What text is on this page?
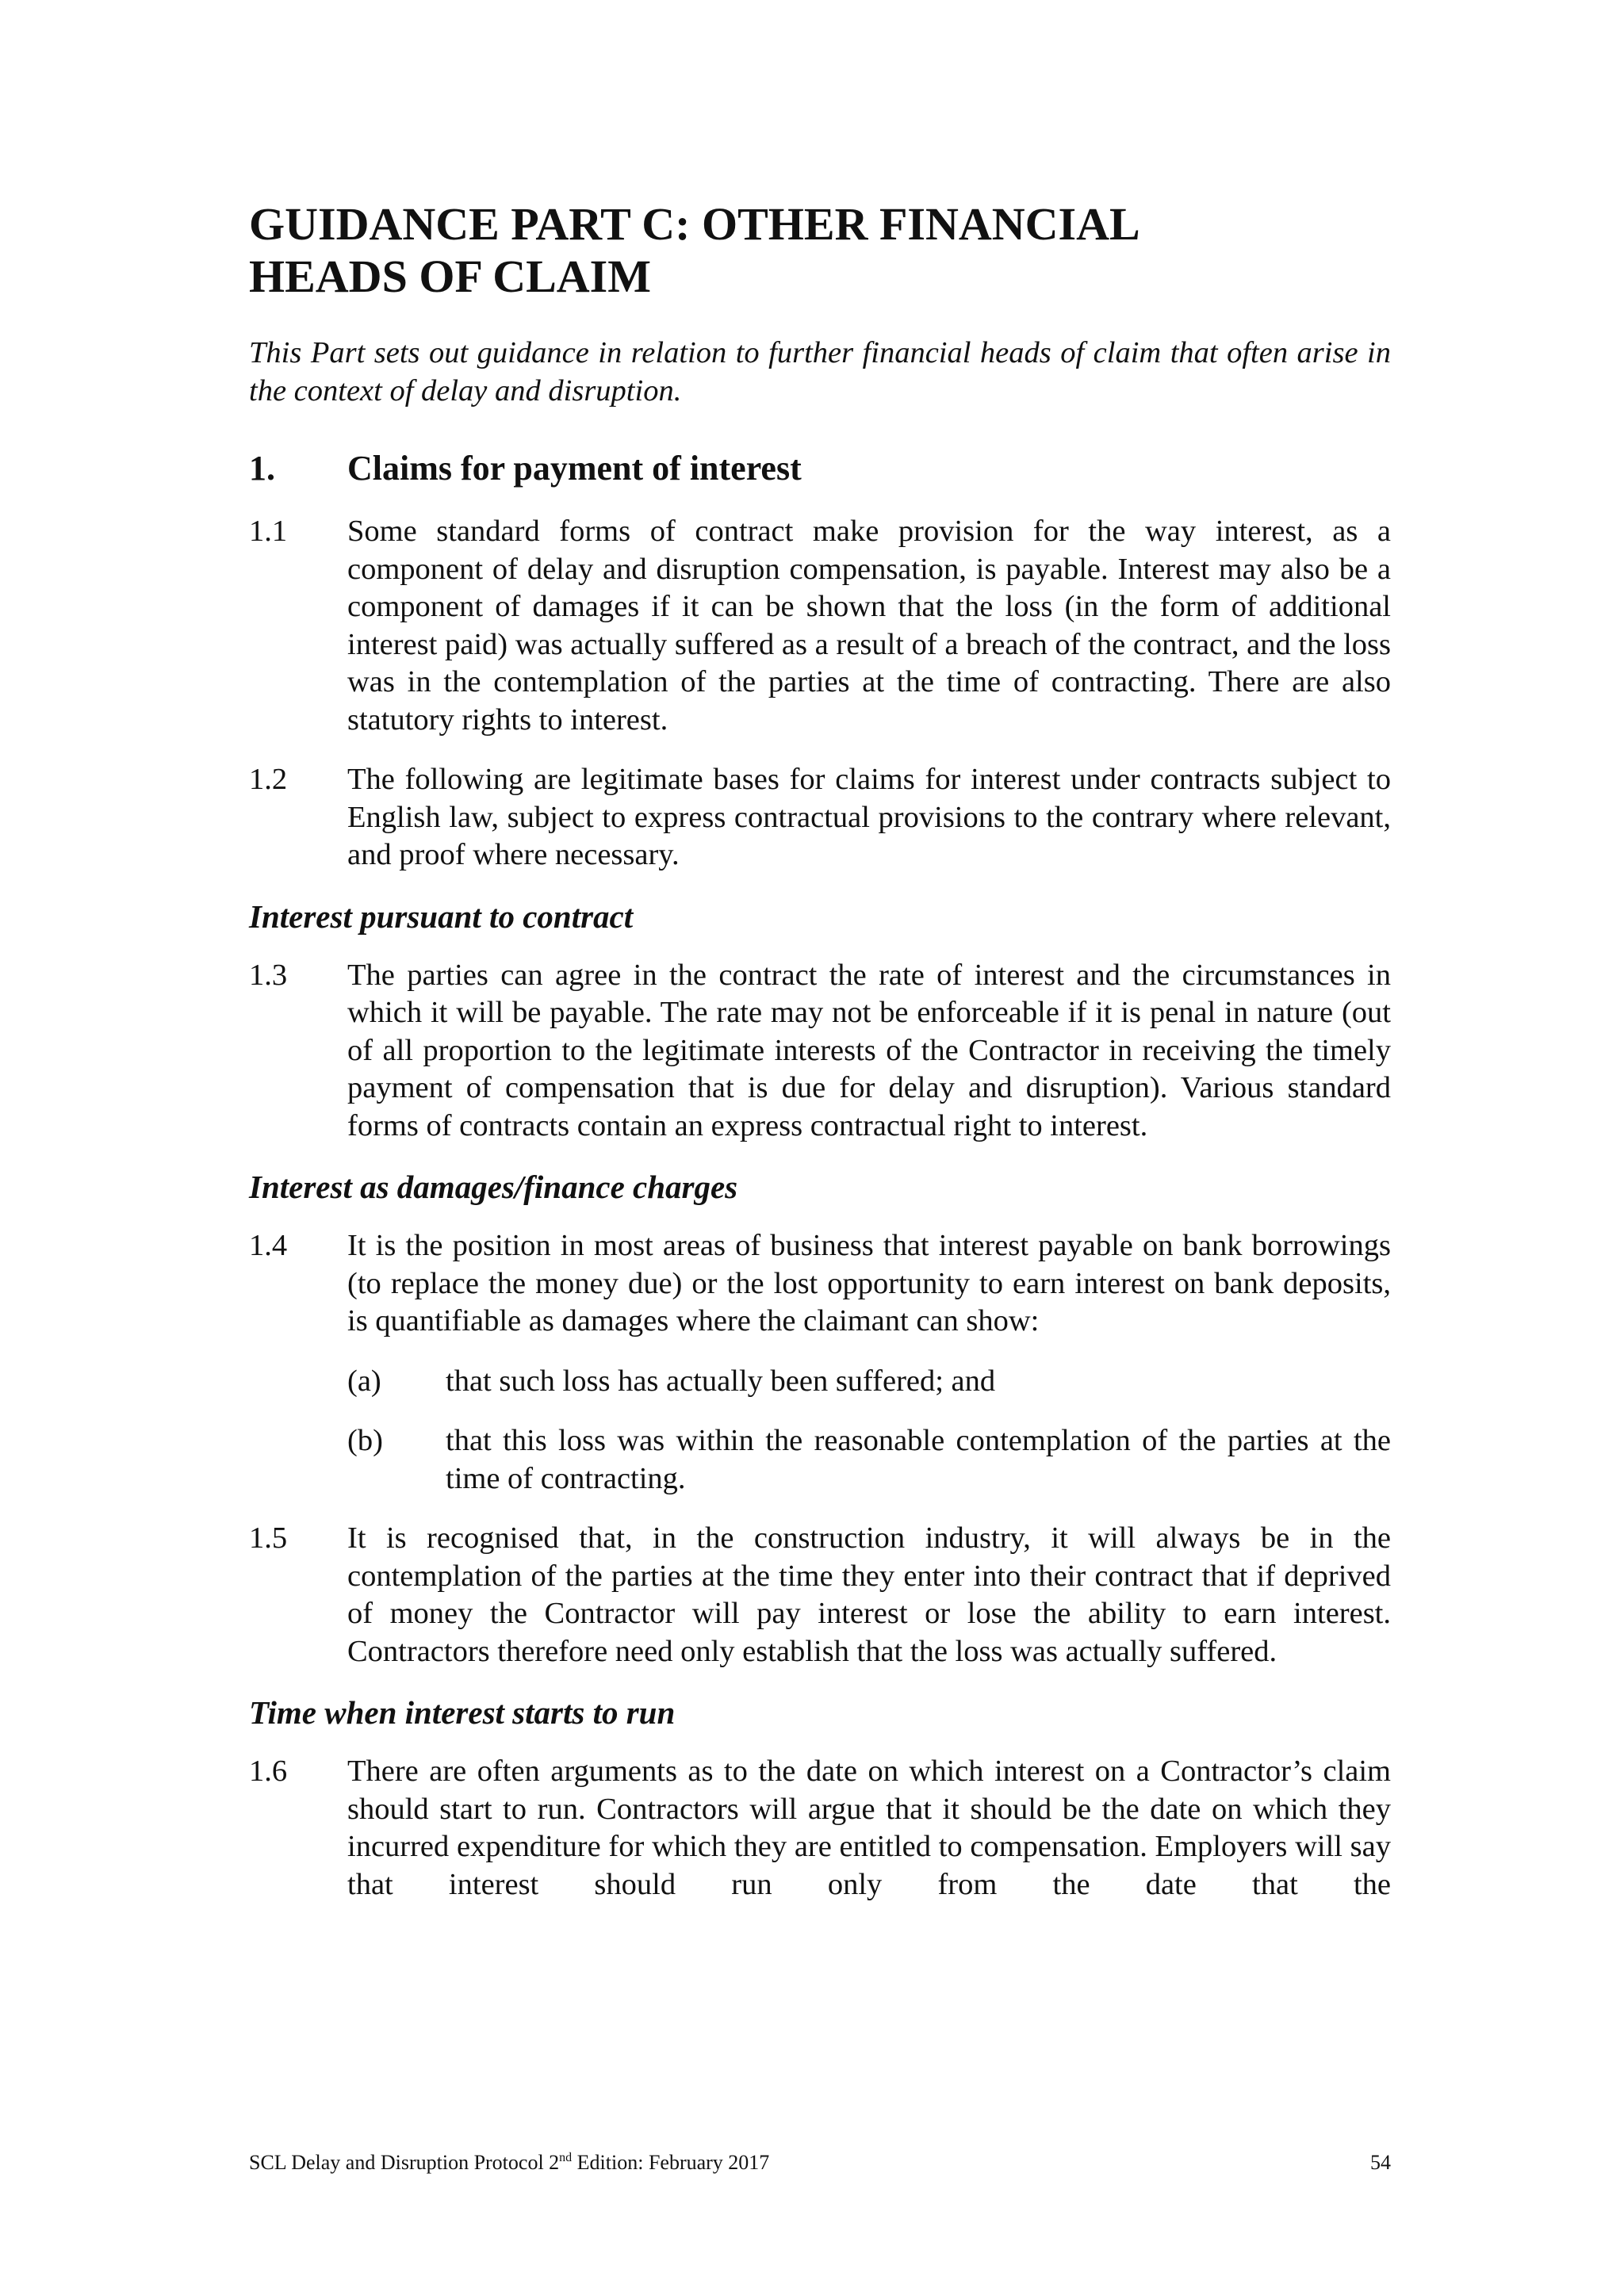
GUIDANCE PART C: OTHER FINANCIAL HEADS OF CLAIM

This Part sets out guidance in relation to further financial heads of claim that often arise in the context of delay and disruption.

1.	Claims for payment of interest
1.1	Some standard forms of contract make provision for the way interest, as a component of delay and disruption compensation, is payable. Interest may also be a component of damages if it can be shown that the loss (in the form of additional interest paid) was actually suffered as a result of a breach of the contract, and the loss was in the contemplation of the parties at the time of contracting. There are also statutory rights to interest.
1.2	The following are legitimate bases for claims for interest under contracts subject to English law, subject to express contractual provisions to the contrary where relevant, and proof where necessary.
Interest pursuant to contract
1.3	The parties can agree in the contract the rate of interest and the circumstances in which it will be payable. The rate may not be enforceable if it is penal in nature (out of all proportion to the legitimate interests of the Contractor in receiving the timely payment of compensation that is due for delay and disruption). Various standard forms of contracts contain an express contractual right to interest.
Interest as damages/finance charges
1.4	It is the position in most areas of business that interest payable on bank borrowings (to replace the money due) or the lost opportunity to earn interest on bank deposits, is quantifiable as damages where the claimant can show:
(a)	that such loss has actually been suffered; and
(b)	that this loss was within the reasonable contemplation of the parties at the time of contracting.
1.5	It is recognised that, in the construction industry, it will always be in the contemplation of the parties at the time they enter into their contract that if deprived of money the Contractor will pay interest or lose the ability to earn interest. Contractors therefore need only establish that the loss was actually suffered.
Time when interest starts to run
1.6	There are often arguments as to the date on which interest on a Contractor’s claim should start to run. Contractors will argue that it should be the date on which they incurred expenditure for which they are entitled to compensation. Employers will say that interest should run only from the date that the
SCL Delay and Disruption Protocol 2nd Edition: February 2017	54
